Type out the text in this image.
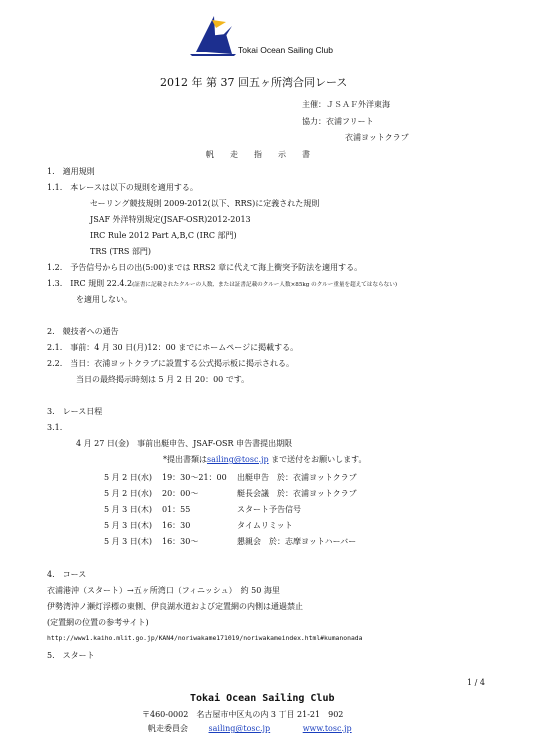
Tokai Ocean Sailing Club
2012 年 第 37 回五ヶ所湾合同レース
主催：ＪＳＡＦ外洋東海
協力：衣浦フリート
衣浦ヨットクラブ
帆　　走　　指　　示　　書
1.　適用規則
1.1.　本レースは以下の規則を適用する。
セーリング競技規則 2009-2012(以下、RRS)に定義された規則
JSAF 外洋特別規定(JSAF-OSR)2012-2013
IRC Rule 2012 Part A,B,C (IRC 部門)
TRS (TRS 部門)
1.2.　予告信号から日の出(5:00)までは RRS2 章に代えて海上衝突予防法を適用する。
1.3.　IRC 規則 22.4.2(証書に記載されたクルーの人数、または証書記載のクルー人数×85kg のクルー重量を超えてはならない)
を適用しない。
2.　競技者への通告
2.1.　事前：4 月 30 日(月)12：00 までにホームページに掲載する。
2.2.　当日：衣浦ヨットクラブに設置する公式掲示板に掲示される。
当日の最終掲示時刻は 5 月 2 日 20：00 です。
3.　レース日程
3.1.
4 月 27 日(金)　事前出艇申告、JSAF-OSR 申告書提出期限
*提出書類はsailing@tosc.jp まで送付をお願いします。
5 月 2 日(水) 19：30～21：00 出艇申告　於：衣浦ヨットクラブ
5 月 2 日(水) 20：00～	艇長会議　於：衣浦ヨットクラブ
5 月 3 日(木) 01：55	スタート予告信号
5 月 3 日(木) 16：30	タイムリミット
5 月 3 日(木) 16：30～	懇親会　於：志摩ヨットハーバー
4.　コース
衣浦港沖（スタート）→五ヶ所湾口（フィニッシュ）　約 50 海里
伊勢湾沖ノ瀬灯浮標の東側、伊良湖水道および定置網の内側は通過禁止
(定置網の位置の参考サイト)
http://www1.kaiho.mlit.go.jp/KAN4/noriwakame171019/noriwakameindex.html#kumanonada
5.　スタート
1 / 4
Tokai Ocean Sailing Club
〒460-0002　名古屋市中区丸の内 3 丁目 21-21　902
帆走委員会	sailing@tosc.jp	www.tosc.jp
